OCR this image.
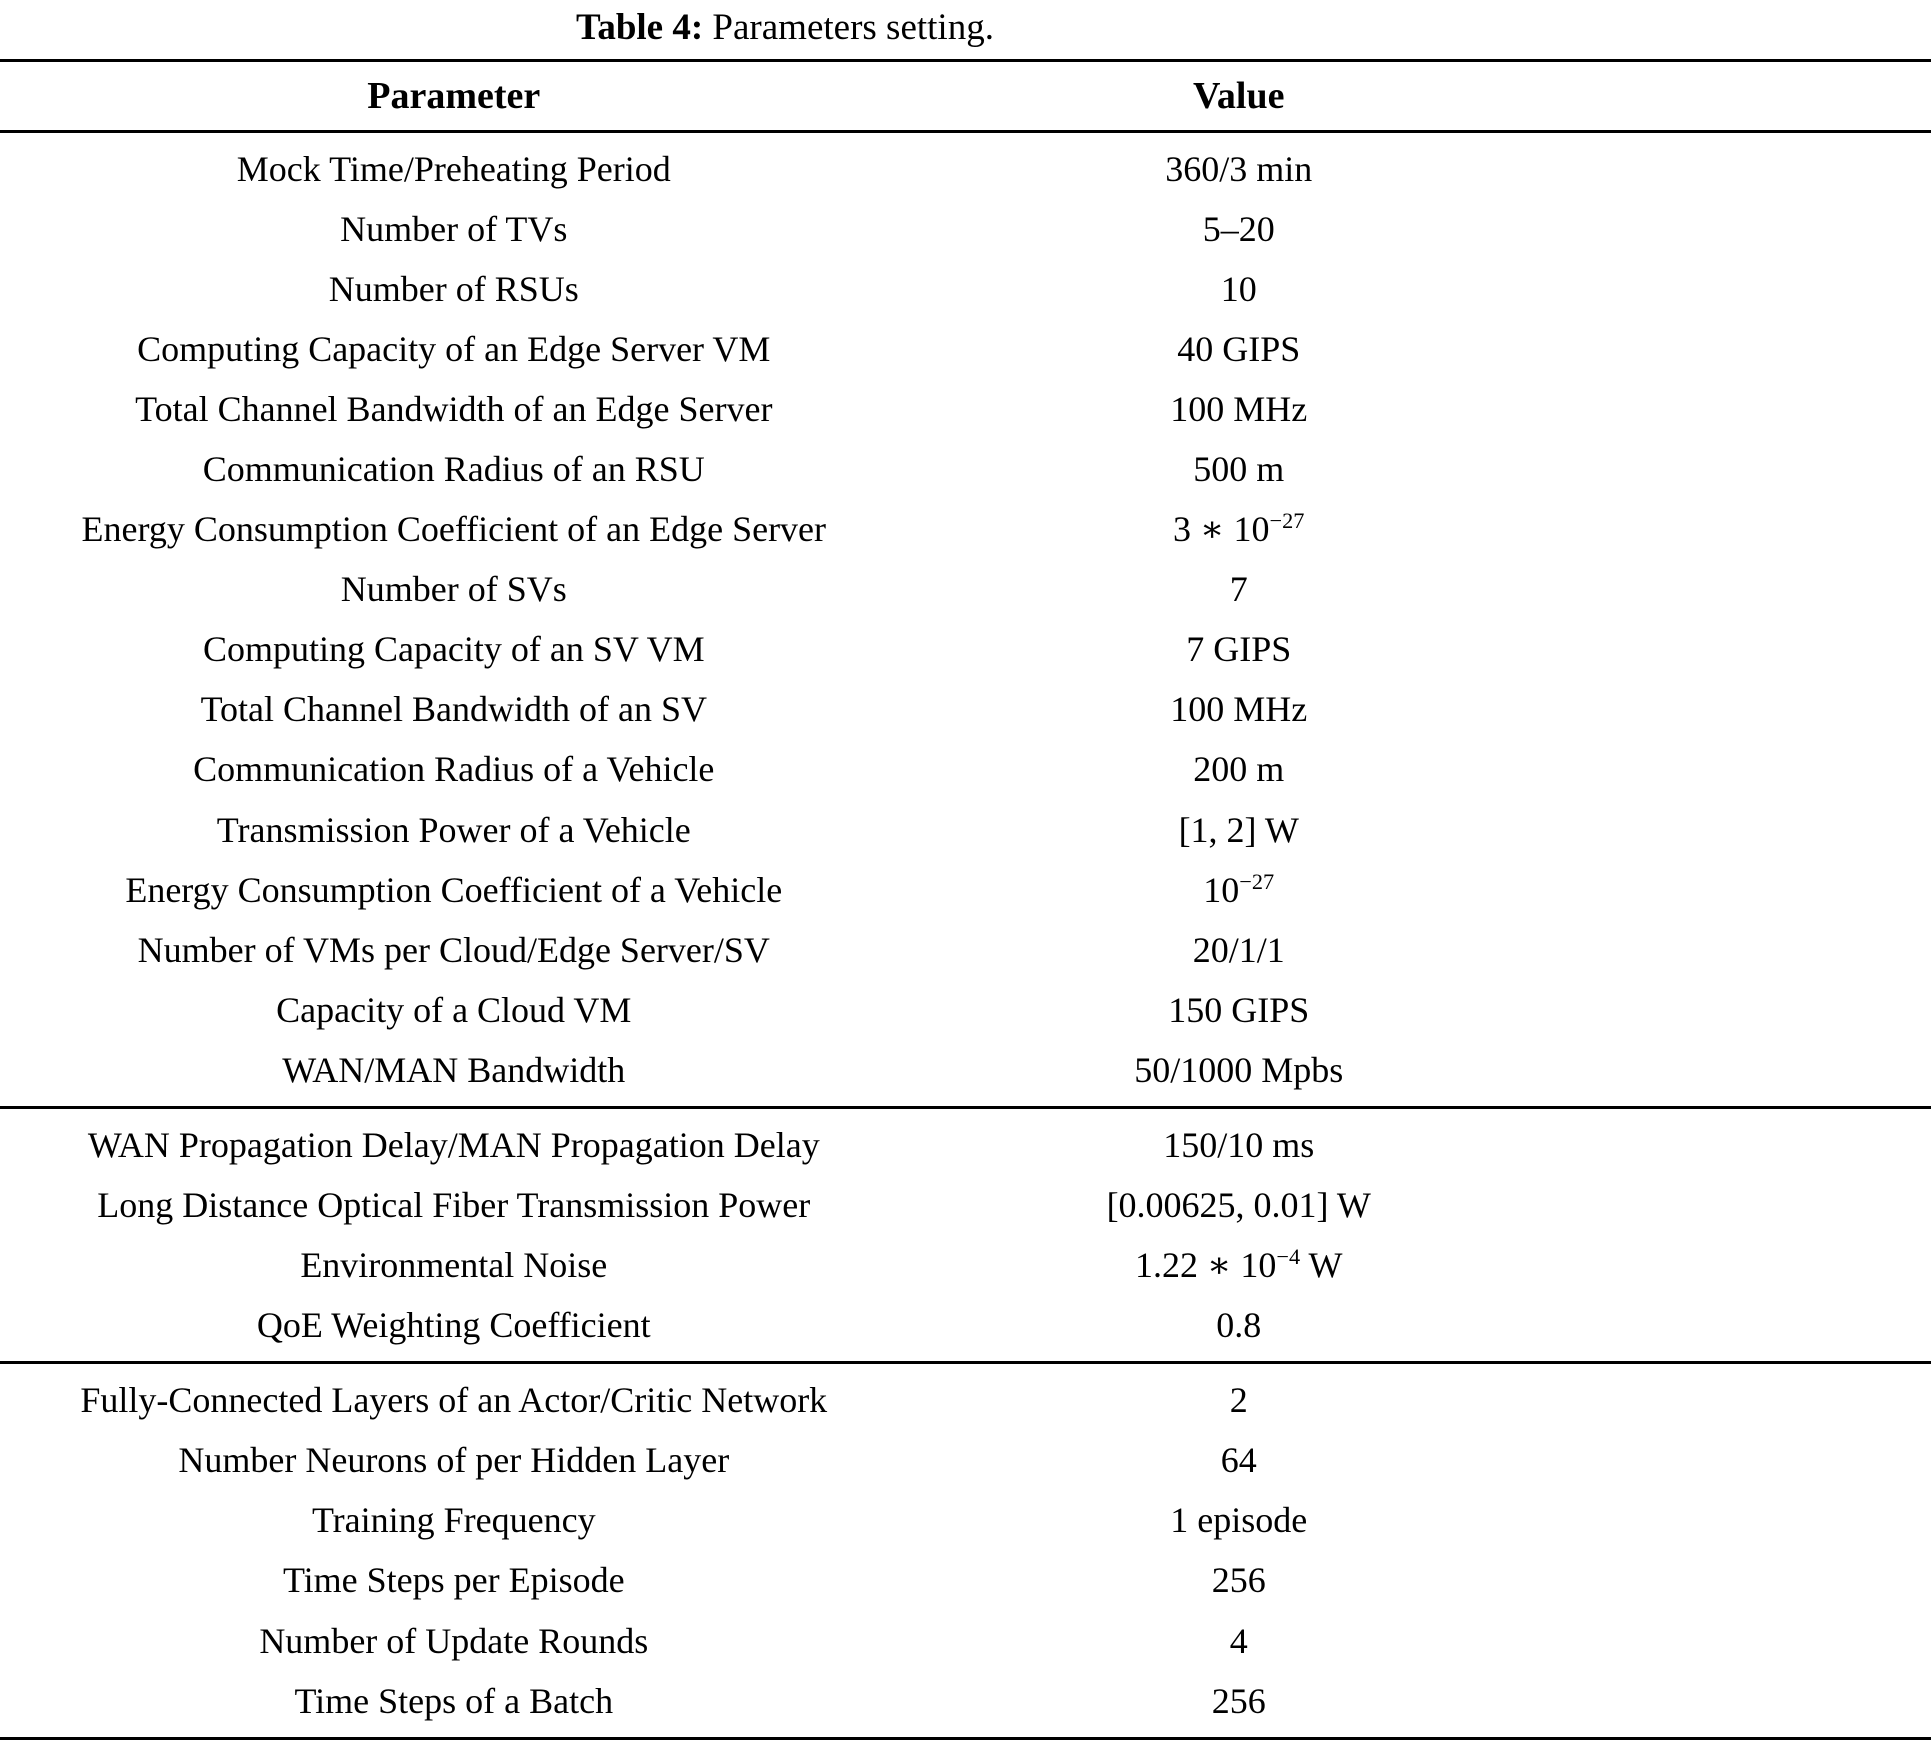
Table 4: Parameters setting.
Parameter	Value	
Mock Time/Preheating Period	360/3 min	
Number of TVs	5–20	
Number of RSUs	10	
Computing Capacity of an Edge Server VM	40 GIPS	
Total Channel Bandwidth of an Edge Server	100 MHz	
Communication Radius of an RSU	500 m	
Energy Consumption Coefficient of an Edge Server	3 ∗ $10^{-27}$	
Number of SVs	7	
Computing Capacity of an SV VM	7 GIPS	
Total Channel Bandwidth of an SV	100 MHz	
Communication Radius of a Vehicle	200 m	
Transmission Power of a Vehicle	[1, 2] W	
Energy Consumption Coefficient of a Vehicle	$10^{-27}$	
Number of VMs per Cloud/Edge Server/SV	20/1/1	
Capacity of a Cloud VM	150 GIPS	
WAN/MAN Bandwidth	50/1000 Mpbs	
WAN Propagation Delay/MAN Propagation Delay	150/10 ms	
Long Distance Optical Fiber Transmission Power	[0.00625, 0.01] W	
Environmental Noise	1.22 ∗ $10^{-4}$ W	
QoE Weighting Coefficient	0.8	
Fully-Connected Layers of an Actor/Critic Network	2	
Number Neurons of per Hidden Layer	64	
Training Frequency	1 episode	
Time Steps per Episode	256	
Number of Update Rounds	4	
Time Steps of a Batch	256	
